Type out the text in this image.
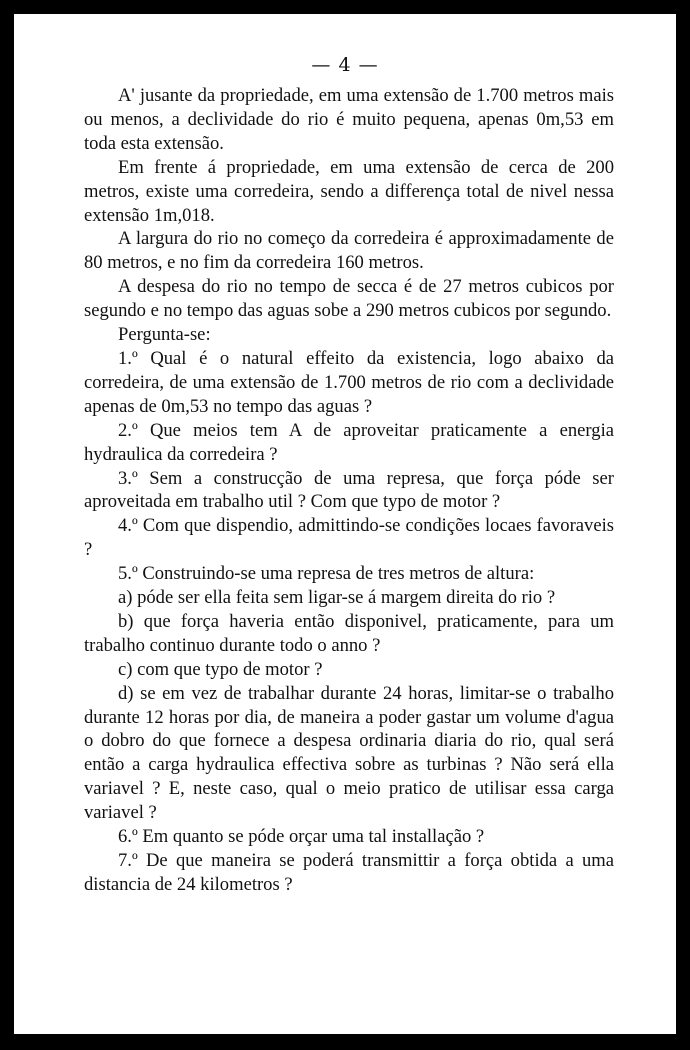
— 4 —

A' jusante da propriedade, em uma extensão de 1.700 metros mais ou menos, a declividade do rio é muito pequena, apenas 0m,53 em toda esta extensão.

Em frente á propriedade, em uma extensão de cerca de 200 metros, existe uma corredeira, sendo a differença total de nivel nessa extensão 1m,018.

A largura do rio no começo da corredeira é approximadamente de 80 metros, e no fim da corredeira 160 metros.

A despesa do rio no tempo de secca é de 27 metros cubicos por segundo e no tempo das aguas sobe a 290 metros cubicos por segundo.

Pergunta-se:

1.º Qual é o natural effeito da existencia, logo abaixo da corredeira, de uma extensão de 1.700 metros de rio com a declividade apenas de 0m,53 no tempo das aguas ?

2.º Que meios tem A de aproveitar praticamente a energia hydraulica da corredeira ?

3.º Sem a construcção de uma represa, que força póde ser aproveitada em trabalho util ? Com que typo de motor ?

4.º Com que dispendio, admittindo-se condições locaes favoraveis ?

5.º Construindo-se uma represa de tres metros de altura:

a) póde ser ella feita sem ligar-se á margem direita do rio ?

b) que força haveria então disponivel, praticamente, para um trabalho continuo durante todo o anno ?

c) com que typo de motor ?

d) se em vez de trabalhar durante 24 horas, limitar-se o trabalho durante 12 horas por dia, de maneira a poder gastar um volume d'agua o dobro do que fornece a despesa ordinaria diaria do rio, qual será então a carga hydraulica effectiva sobre as turbinas ? Não será ella variavel ? E, neste caso, qual o meio pratico de utilisar essa carga variavel ?

6.º Em quanto se póde orçar uma tal installação ?

7.º De que maneira se poderá transmittir a força obtida a uma distancia de 24 kilometros ?
